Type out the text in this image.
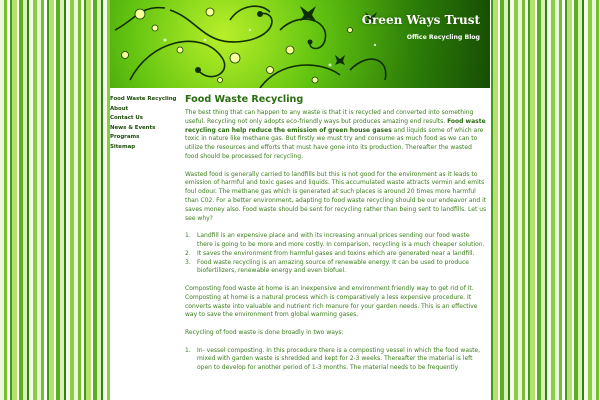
Green Ways Trust
Office Recycling Blog
Food Waste Recycling
About
Contact Us
News & Events
Programs
Sitemap
Food Waste Recycling

The best thing that can happen to any waste is that it is recycled and converted into something useful. Recycling not only adopts eco-friendly ways but produces amazing end results. Food waste recycling can help reduce the emission of green house gases and liquids some of which are toxic in nature like methane gas. But firstly we must try and consume as much food as we can to utilize the resources and efforts that must have gone into its production. Thereafter the wasted food should be processed for recycling.

Wasted food is generally carried to landfills but this is not good for the environment as it leads to emission of harmful and toxic gases and liquids. This accumulated waste attracts vermin and emits foul odour. The methane gas which is generated at such places is around 20 times more harmful than C02. For a better environment, adapting to food waste recycling should be our endeavor and it saves money also. Food waste should be sent for recycling rather than being sent to landfills. Let us see why?

1. Landfill is an expensive place and with its increasing annual prices sending our food waste there is going to be more and more costly. In comparison, recycling is a much cheaper solution.
2. It saves the environment from harmful gases and toxins which are generated near a landfill.
3. Food waste recycling is an amazing source of renewable energy. It can be used to produce biofertilizers, renewable energy and even biofuel.

Composting food waste at home is an inexpensive and environment friendly way to get rid of it. Composting at home is a natural process which is comparatively a less expensive procedure. It converts waste into valuable and nutrient rich manure for your garden needs. This is an effective way to save the environment from global warming gases.

Recycling of food waste is done broadly in two ways:

1. In- vessel composting. In this procedure there is a composting vessel in which the food waste, mixed with garden waste is shredded and kept for 2-3 weeks. Thereafter the material is left open to develop for another period of 1-3 months. The material needs to be frequently
